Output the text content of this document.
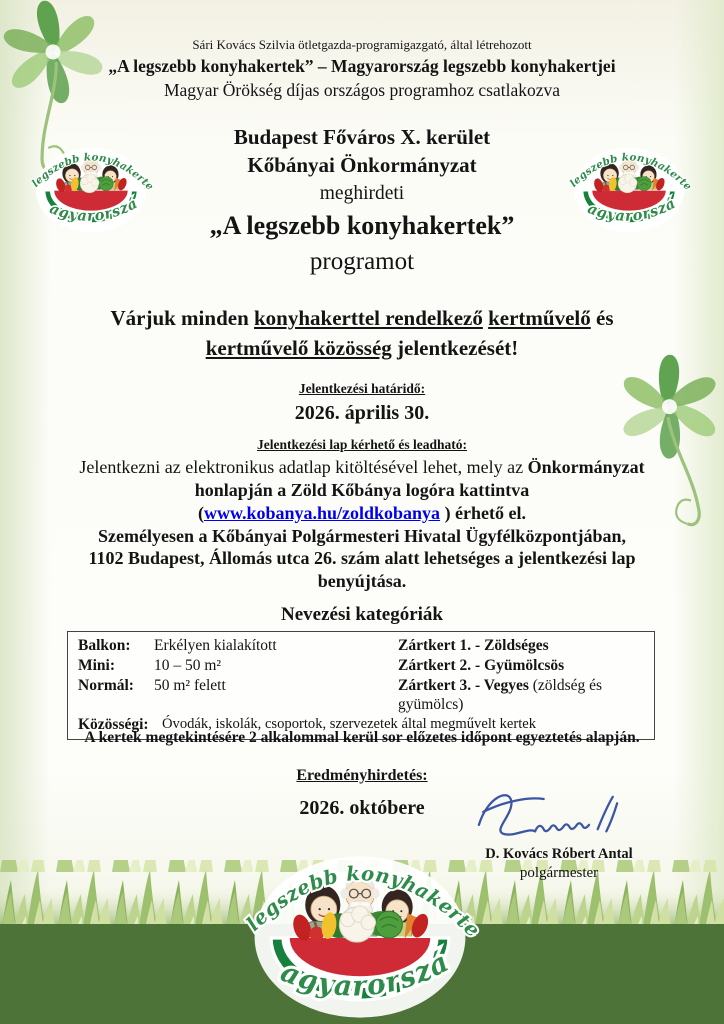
Sári Kovács Szilvia ötletgazda-programigazgató, által létrehozott
„A legszebb konyhakertek” – Magyarország legszebb konyhakertjei
Magyar Örökség díjas országos programhoz csatlakozva
Budapest Főváros X. kerület
Kőbányai Önkormányzat
meghirdeti
„A legszebb konyhakertek”
programot
Várjuk minden konyhakerttel rendelkező kertművelő és
kertművelő közösség jelentkezését!
Jelentkezési határidő:
2026. április 30.
Jelentkezési lap kérhető és leadható:

Jelentkezni az elektronikus adatlap kitöltésével lehet, mely az Önkormányzat

honlapján a Zöld Kőbánya logóra kattintva

(www.kobanya.hu/zoldkobanya ) érhető el.

Személyesen a Kőbányai Polgármesteri Hivatal Ügyfélközpontjában,

1102 Budapest, Állomás utca 26. szám alatt lehetséges a jelentkezési lap

benyújtása.

Nevezési kategóriák
Balkon:	Erkélyen kialakított	Zártkert 1. - Zöldséges
Mini:	10 – 50 m²	Zártkert 2. - Gyümölcsös
Normál:	50 m² felett	Zártkert 3. - Vegyes (zöldség és gyümölcs)
Közösségi: Óvodák, iskolák, csoportok, szervezetek által megművelt kertek
A kertek megtekintésére 2 alkalommal kerül sor előzetes időpont egyeztetés alapján.
Eredményhirdetés:
2026. októbere
D. Kovács Róbert Antal
polgármester
